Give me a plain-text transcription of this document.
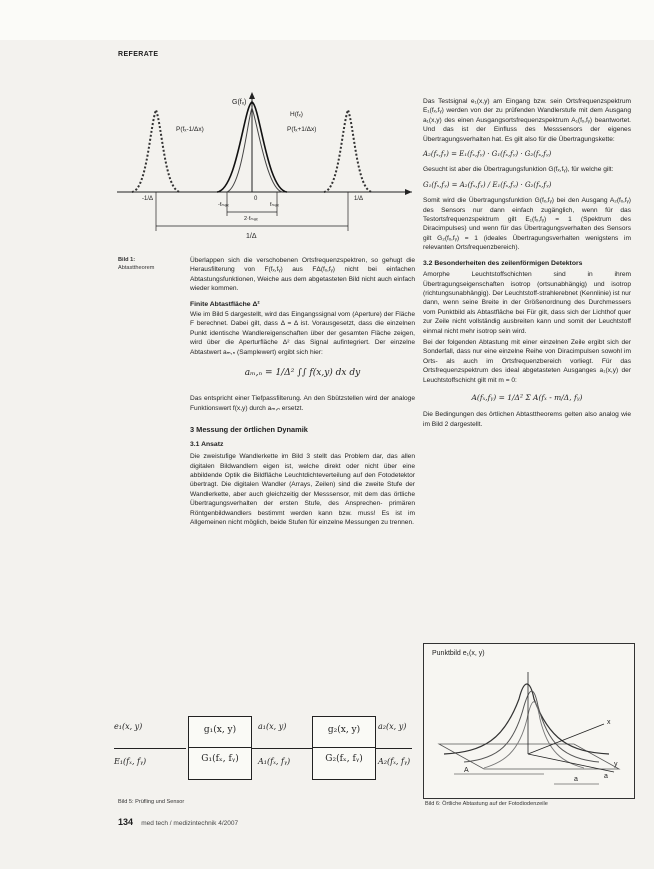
REFERATE
G(fₓ)
P(fₓ-1/Δx)	P(fₓ+1/Δx)
H(fₓ)
-fₘₐₓ	fₘₐₓ
2·fₘₐₓ
1/Δ
-1/Δ	1/Δ
0
Bild 1:
Abtasttheorem

Überlappen sich die verschobenen Ortsfrequenzspektren, so gehugt die Herausfilterung von F(fₓ,fᵧ) aus FΔ(fₓ,fᵧ) nicht bei einfachen Abtastungsfunktionen, Weiche aus dem abgetasteten Bild nicht auch einfach wieder kommen.

Finite Abtastfläche Δ²

Wie im Bild 5 dargestellt, wird das Eingangssignal vom (Aperture) der Fläche F berechnet. Dabei gilt, dass Δ = Δ ist. Vorausgesetzt, dass die einzelnen Punkt identische Wandlereigenschaften über der gesamten Fläche zeigen, wird über die Aperturfläche Δ² das Signal aufintegriert. Der einzelne Abtastwert aₘ,ₙ (Samplewert) ergibt sich hier:

aₘ,ₙ = 1/Δ² ∫∫ f(x,y) dx dy

Das entspricht einer Tiefpassfilterung. An den Sbützstellen wird der analoge Funktionswert f(x,y) durch aₘ,ₙ ersetzt.

3 Messung der örtlichen Dynamik
3.1 Ansatz

Die zweistufige Wandlerkette im Bild 3 stellt das Problem dar, das allen digitalen Bildwandlern eigen ist, welche direkt oder nicht über eine abbildende Optik die Bildfläche Leuchtdichteverteilung auf den Fotodetektor übertragt. Die digitalen Wandler (Arrays, Zeilen) sind die zweite Stufe der Wandlerkette, aber auch gleichzeitig der Messsensor, mit dem das örtliche Übertragungsverhalten der ersten Stufe, des Ansprechen- primären Röntgenbildwandlers bestimmt werden kann bzw. muss! Es ist im Allgemeinen nicht möglich, beide Stufen für einzelne Messungen zu trennen.

Das Testsignal e₁(x,y) am Eingang bzw. sein Ortsfrequenzspektrum E₁(fₓ,fᵧ) werden von der zu prüfenden Wandlerstufe mit dem Ausgang a₁(x,y) des einen Ausgangsortsfrequenzspektrum A₁(fₓ,fᵧ) beantwortet. Und das ist der Einfluss des Messsensors der eigenes Übertragungsverhalten hat. Es gilt also für die Übertragungskette:

A₂(fₓ,fᵧ) = E₁(fₓ,fᵧ) · G₁(fₓ,fᵧ) · G₂(fₓ,fᵧ)

Gesucht ist aber die Übertragungsfunktion G(fₓ,fᵧ), für welche gilt:

G₁(fₓ,fᵧ) = A₂(fₓ,fᵧ) / E₁(fₓ,fᵧ) · G₂(fₓ,fᵧ)

Somit wird die Übertragungsfunktion G(fₓ,fᵧ) bei den Ausgang A₂(fₓ,fᵧ) des Sensors nur dann einfach zugänglich, wenn für das Testortsfrequenzspektrum gilt E₁(fₓ,fᵧ) = 1 (Spektrum des Diracimpulses) und wenn für das Übertragungsverhalten des Sensors gilt G₂(fₓ,fᵧ) = 1 (ideales Übertragungsverhalten wenigstens im relevanten Ortsfrequenzbereich).

3.2 Besonderheiten des zeilenförmigen Detektors

Amorphe Leuchtstoffschichten sind in ihrem Übertragungseigenschaften isotrop (ortsunabhängig) und isotrop (richtungsunabhängig). Der Leuchtstoff-strahlerebnet (Kennlinie) ist nur dann, wenn seine Breite in der Größenordnung des Durchmessers vom Punktbild als Abtastfläche bei Für gilt, dass sich der Lichthof quer zur Zeile nicht vollständig ausbreiten kann und somit der Leuchtstoff einmal nicht mehr isotrop sein wird.

Bei der folgenden Abtastung mit einer einzelnen Zeile ergibt sich der Sonderfall, dass nur eine einzelne Reihe von Diracimpulsen sowohl im Orts- als auch im Ortsfrequenzbereich vorliegt. Für das Ortsfrequenzspektrum des ideal abgetasteten Ausganges a₁(x,y) der Leuchtstoffschicht gilt mit m = 0:

A(fₓ,fᵧ) = 1/Δ² Σ A(fₓ - m/Δ, fᵧ)

Die Bedingungen des örtlichen Abtasttheorems gelten also analog wie im Bild 2 dargestellt.

e₁(x, y)
E₁(fₓ, fᵧ)
g₁(x, y)
G₁(fₓ, fᵧ)
a₁(x, y)
A₁(fₓ, fᵧ)
g₂(x, y)
G₂(fₓ, fᵧ)
a₂(x, y)
A₂(fₓ, fᵧ)
Bild 5: Prüfling und Sensor
Punktbild e₁(x, y)
x
y
A
a	a
Bild 6: Örtliche Abtastung auf der Fotodiodenzeile
134 med tech / medizintechnik 4/2007
